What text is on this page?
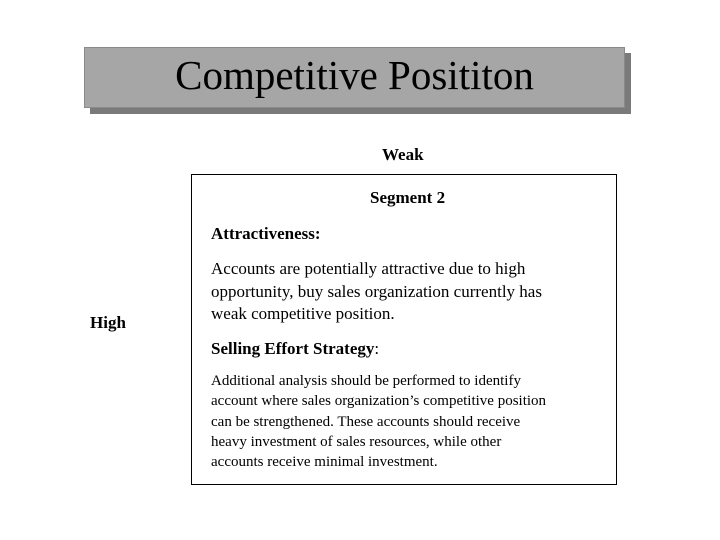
Competitive Posititon
Weak
High
Segment 2
Attractiveness:
Accounts are potentially attractive due to high
opportunity, buy sales organization currently has
weak competitive position.
Selling Effort Strategy:
Additional analysis should be performed to identify
account where sales organization’s competitive position
can be strengthened. These accounts should receive
heavy investment of sales resources, while other
accounts receive minimal investment.
